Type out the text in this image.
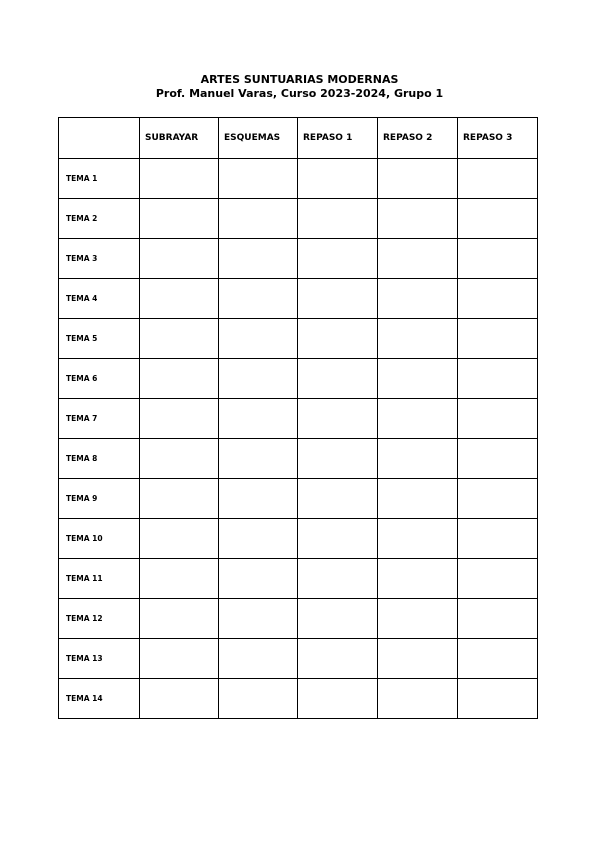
ARTES SUNTUARIAS MODERNAS
Prof. Manuel Varas, Curso 2023-2024, Grupo 1
	SUBRAYAR	ESQUEMAS	REPASO 1	REPASO 2	REPASO 3
TEMA 1					
TEMA 2					
TEMA 3					
TEMA 4					
TEMA 5					
TEMA 6					
TEMA 7					
TEMA 8					
TEMA 9					
TEMA 10					
TEMA 11					
TEMA 12					
TEMA 13					
TEMA 14					
